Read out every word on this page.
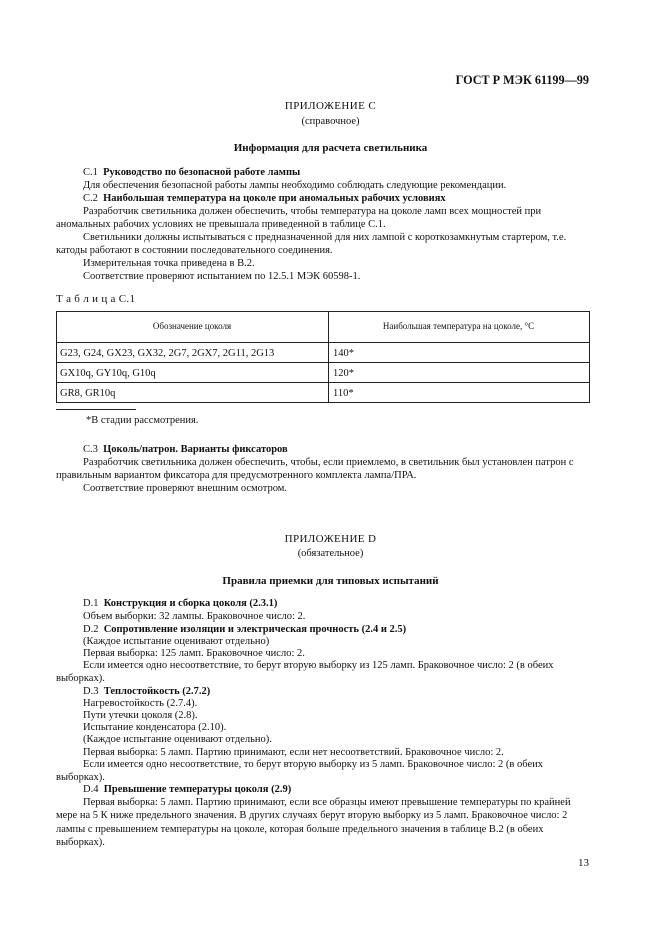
ГОСТ Р МЭК 61199—99
ПРИЛОЖЕНИЕ С
(справочное)
Информация для расчета светильника
С.1 Руководство по безопасной работе лампы
Для обеспечения безопасной работы лампы необходимо соблюдать следующие рекомендации.
С.2 Наибольшая температура на цоколе при аномальных рабочих условиях
Разработчик светильника должен обеспечить, чтобы температура на цоколе ламп всех мощностей при аномальных рабочих условиях не превышала приведенной в таблице С.1.
Светильники должны испытываться с предназначенной для них лампой с короткозамкнутым стартером, т.е. катоды работают в состоянии последовательного соединения.
Измерительная точка приведена в В.2.
Соответствие проверяют испытанием по 12.5.1 МЭК 60598-1.
Т а б л и ц а С.1
Обозначение цоколя	Наибольшая температура на цоколе, °С
G23, G24, GX23, GX32, 2G7, 2GX7, 2G11, 2G13	140*
GX10q, GY10q, G10q	120*
GR8, GR10q	110*
*В стадии рассмотрения.
С.3 Цоколь/патрон. Варианты фиксаторов
Разработчик светильника должен обеспечить, чтобы, если приемлемо, в светильник был установлен патрон с правильным вариантом фиксатора для предусмотренного комплекта лампа/ПРА.
Соответствие проверяют внешним осмотром.
ПРИЛОЖЕНИЕ D
(обязательное)
Правила приемки для типовых испытаний
D.1 Конструкция и сборка цоколя (2.3.1)
Объем выборки: 32 лампы. Браковочное число: 2.
D.2 Сопротивление изоляции и электрическая прочность (2.4 и 2.5)
(Каждое испытание оценивают отдельно)
Первая выборка: 125 ламп. Браковочное число: 2.
Если имеется одно несоответствие, то берут вторую выборку из 125 ламп. Браковочное число: 2 (в обеих выборках).
D.3 Теплостойкость (2.7.2)
Нагревостойкость (2.7.4).
Пути утечки цоколя (2.8).
Испытание конденсатора (2.10).
(Каждое испытание оценивают отдельно).
Первая выборка: 5 ламп. Партию принимают, если нет несоответствий. Браковочное число: 2.
Если имеется одно несоответствие, то берут вторую выборку из 5 ламп. Браковочное число: 2 (в обеих выборках).
D.4 Превышение температуры цоколя (2.9)
Первая выборка: 5 ламп. Партию принимают, если все образцы имеют превышение температуры по крайней мере на 5 К ниже предельного значения. В других случаях берут вторую выборку из 5 ламп. Браковочное число: 2 лампы с превышением температуры на цоколе, которая больше предельного значения в таблице В.2 (в обеих выборках).
13
